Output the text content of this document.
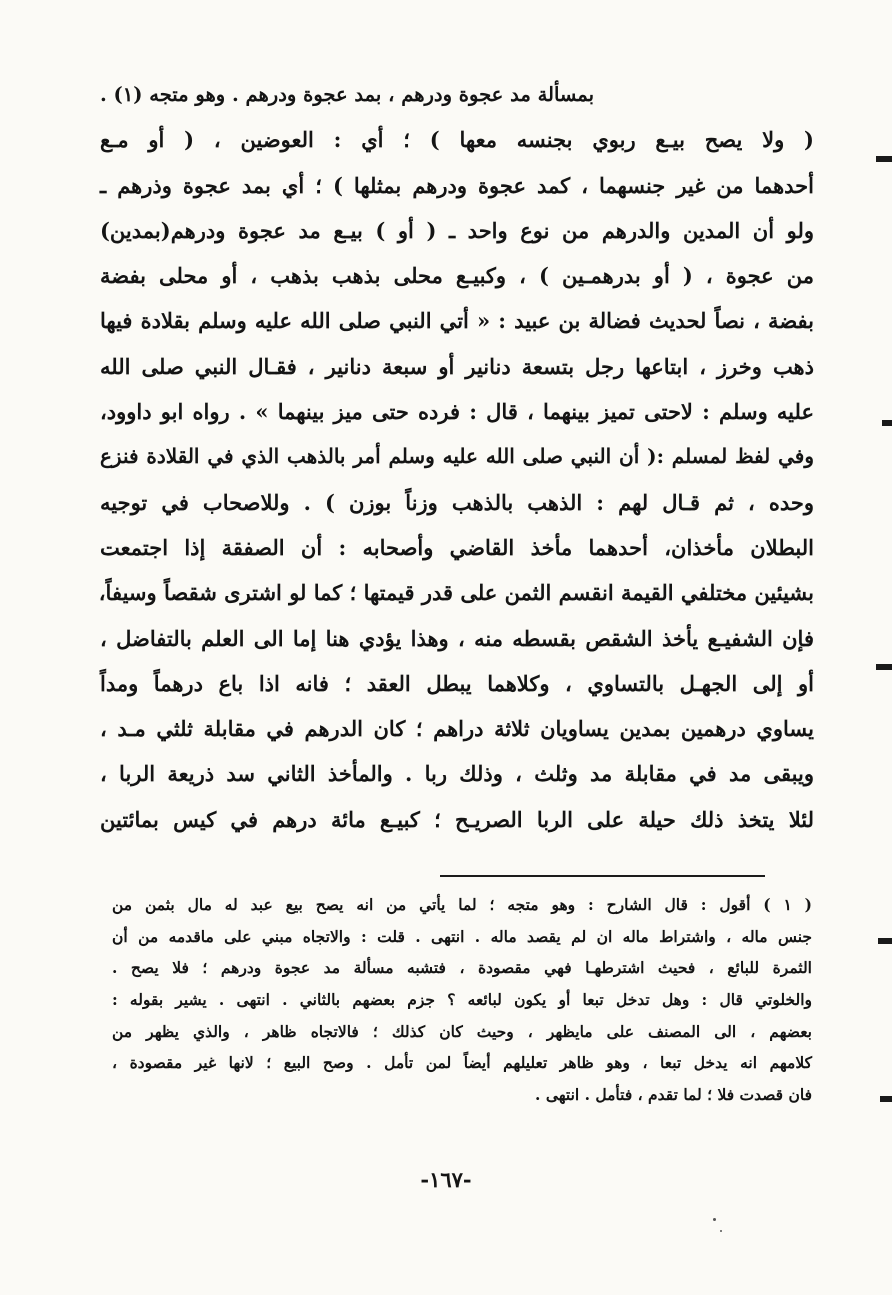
بمسألة مد عجوة ودرهم ، بمد عجوة ودرهم . وهو متجه (١) .
( ولا يصح بيـع ربوي بجنسه معها ) ؛ أي : العوضين ، ( أو مـع
أحدهما من غير جنسهما ، كمد عجوة ودرهم بمثلها ) ؛ أي بمد عجوة وذرهم ـ
ولو أن المدين والدرهم من نوع واحد ـ ( أو ) بيـع مد عجوة ودرهم(بمدين)
من عجوة ، ( أو بدرهمـين ) ، وكبيـع محلى بذهب بذهب ، أو محلى بفضة
بفضة ، نصاً لحديث فضالة بن عبيد : « أتي النبي صلى الله عليه وسلم بقلادة فيها
ذهب وخرز ، ابتاعها رجل بتسعة دنانير أو سبعة دنانير ، فقـال النبي صلى الله
عليه وسلم : لاحتى تميز بينهما ، قال : فرده حتى ميز بينهما » . رواه ابو داوود،
وفي لفظ لمسلم :( أن النبي صلى الله عليه وسلم أمر بالذهب الذي في القلادة فنزع
وحده ، ثم قـال لهم : الذهب بالذهب وزناً بوزن ) . وللاصحاب في توجيه
البطلان مأخذان، أحدهما مأخذ القاضي وأصحابه : أن الصفقة إذا اجتمعت
بشيئين مختلفي القيمة انقسم الثمن على قدر قيمتها ؛ كما لو اشترى شقصاً وسيفاً،
فإن الشفيـع يأخذ الشقص بقسطه منه ، وهذا يؤدي هنا إما الى العلم بالتفاضل ،
أو إلى الجهـل بالتساوي ، وكلاهما يبطل العقد ؛ فانه اذا باع درهماً ومداً
يساوي درهمين بمدين يساويان ثلاثة دراهم ؛ كان الدرهم في مقابلة ثلثي مـد ،
ويبقى مد في مقابلة مد وثلث ، وذلك ربا . والمأخذ الثاني سد ذريعة الربا ،
لئلا يتخذ ذلك حيلة على الربا الصريـح ؛ كبيـع مائة درهم في كيس بمائتين
( ١ ) أقول : قال الشارح : وهو متجه ؛ لما يأتي من انه يصح بيع عبد له مال بثمن من
جنس ماله ، واشتراط ماله ان لم يقصد ماله . انتهى . قلت : والاتجاه مبني على ماقدمه من أن
الثمرة للبائع ، فحيث اشترطهـا فهي مقصودة ، فتشبه مسألة مد عجوة ودرهم ؛ فلا يصح .
والخلوتي قال : وهل تدخل تبعا أو يكون لبائعه ؟ جزم بعضهم بالثاني . انتهى . يشير بقوله :
بعضهم ، الى المصنف على مايظهر ، وحيث كان كذلك ؛ فالاتجاه ظاهر ، والذي يظهر من
كلامهم انه يدخل تبعا ، وهو ظاهر تعليلهم أيضاً لمن تأمل . وصح البيع ؛ لانها غير مقصودة ،
فان قصدت فلا ؛ لما تقدم ، فتأمل . انتهى .
-١٦٧-
